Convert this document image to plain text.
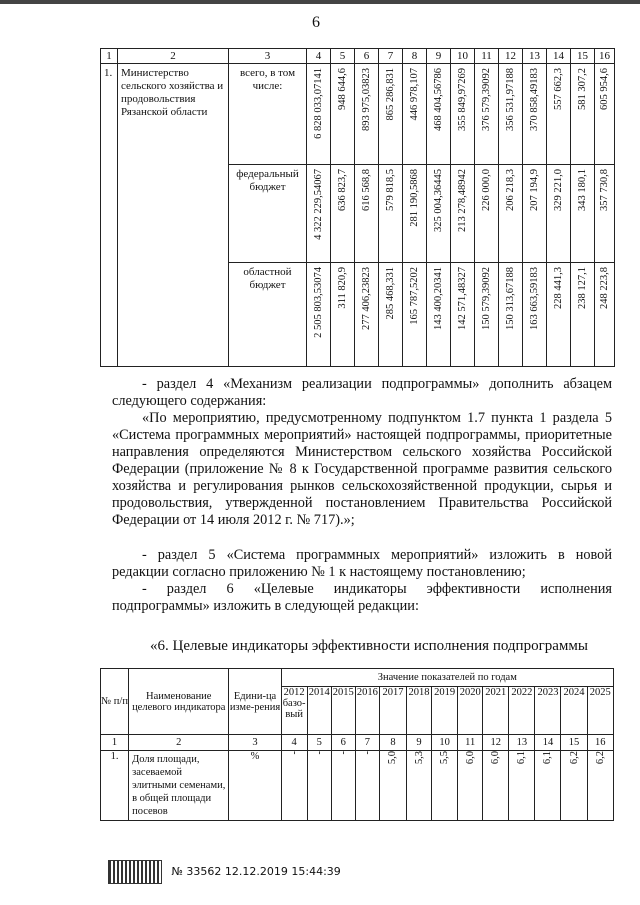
6
1	2	3	4	5	6	7	8	9	10	11	12	13	14	15	16
1.	Министерство сельского хозяйства и продовольствия Рязанской области	всего, в том числе:	6 828 033,07141	948 644,6	893 975,03823	865 286,831	446 978,107	468 404,56786	355 849,97269	376 579,39092	356 531,97188	370 858,49183	557 662,3	581 307,2	605 954,6

		федеральный бюджет	4 322 229,54067	636 823,7	616 568,8	579 818,5	281 190,5868	325 004,36445	213 278,48942	226 000,0	206 218,3	207 194,9	329 221,0	343 180,1	357 730,8

		областной бюджет	2 505 803,53074	311 820,9	277 406,23823	285 468,331	165 787,5202	143 400,20341	142 571,48327	150 579,39092	150 313,67188	163 663,59183	228 441,3	238 127,1	248 223,8
- раздел 4 «Механизм реализации подпрограммы» дополнить абзацем следующего содержания:
«По мероприятию, предусмотренному подпунктом 1.7 пункта 1 раздела 5 «Система программных мероприятий» настоящей подпрограммы, приоритетные направления определяются Министерством сельского хозяйства Российской Федерации (приложение № 8 к Государственной программе развития сельского хозяйства и регулирования рынков сельскохозяйственной продукции, сырья и продовольствия, утвержденной постановлением Правительства Российской Федерации от 14 июля 2012 г. № 717).»;
- раздел 5 «Система программных мероприятий» изложить в новой редакции согласно приложению № 1 к настоящему постановлению;
- раздел 6 «Целевые индикаторы эффективности исполнения подпрограммы» изложить в следующей редакции:
«6. Целевые индикаторы эффективности исполнения подпрограммы
№ п/п	Наименование целевого индикатора	Едини-ца изме-рения	Значение показателей по годам												
			2012 базо-вый	2014	2015	2016	2017	2018	2019	2020	2021	2022	2023	2024	2025
1	2	3	4	5	6	7	8	9	10	11	12	13	14	15	16
1.	Доля площади, засеваемой элитными семенами, в общей площади посевов	%	-	-	-	-	5,0	5,3	5,5	6,0	6,0	6,1	6,1	6,2	6,2
№ 33562 12.12.2019 15:44:39
